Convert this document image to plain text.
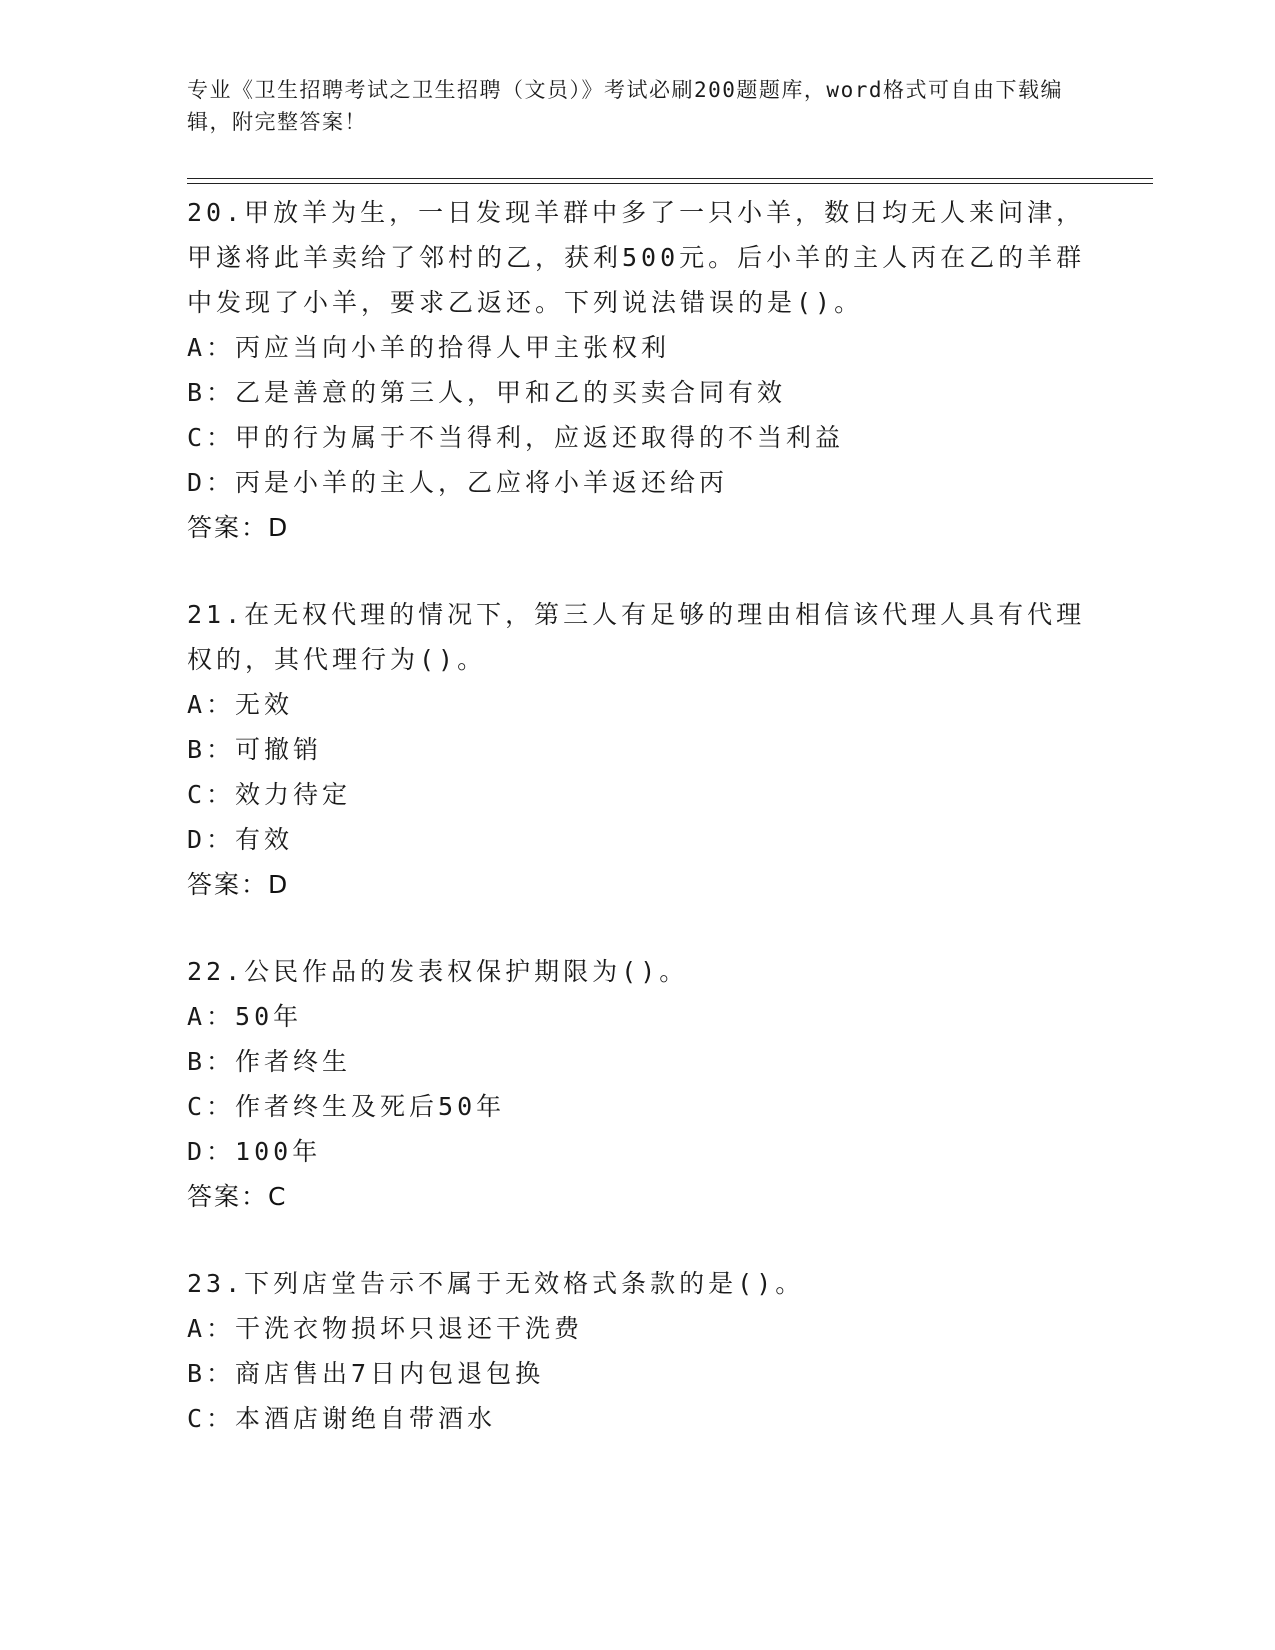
专业《卫生招聘考试之卫生招聘（文员）》考试必刷200题题库，word格式可自由下载编辑，附完整答案！
20.甲放羊为生，一日发现羊群中多了一只小羊，数日均无人来问津，甲遂将此羊卖给了邻村的乙，获利500元。后小羊的主人丙在乙的羊群中发现了小羊，要求乙返还。下列说法错误的是()。
A：丙应当向小羊的拾得人甲主张权利
B：乙是善意的第三人，甲和乙的买卖合同有效
C：甲的行为属于不当得利，应返还取得的不当利益
D：丙是小羊的主人，乙应将小羊返还给丙
答案：D
21.在无权代理的情况下，第三人有足够的理由相信该代理人具有代理权的，其代理行为()。
A：无效
B：可撤销
C：效力待定
D：有效
答案：D
22.公民作品的发表权保护期限为()。
A：50年
B：作者终生
C：作者终生及死后50年
D：100年
答案：C
23.下列店堂告示不属于无效格式条款的是()。
A：干洗衣物损坏只退还干洗费
B：商店售出7日内包退包换
C：本酒店谢绝自带酒水
